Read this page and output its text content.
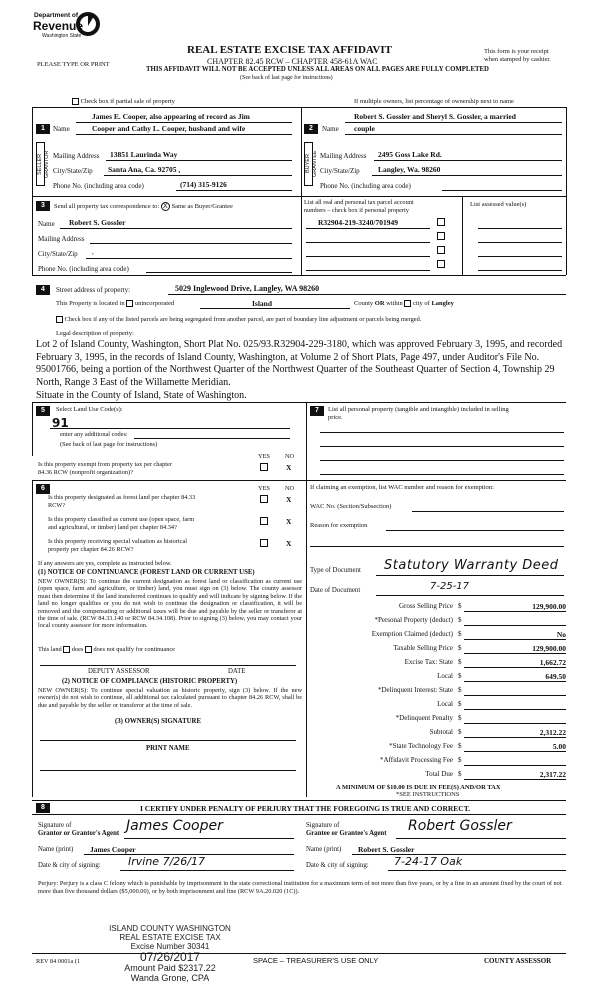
Department of
Revenue
Washington State
REAL ESTATE EXCISE TAX AFFIDAVIT
CHAPTER 82.45 RCW – CHAPTER 458-61A WAC
PLEASE TYPE OR PRINT
THIS AFFIDAVIT WILL NOT BE ACCEPTED UNLESS ALL AREAS ON ALL PAGES ARE FULLY COMPLETED
(See back of last page for instructions)
This form is your receipt
when stamped by cashier.
Check box if partial sale of property	If multiple owners, list percentage of ownership next to name
1
SELLER GRANTOR
Name
James E. Cooper, also appearing of record as Jim
Cooper and Cathy L. Cooper, husband and wife
Mailing Address 13851 Laurinda Way
City/State/Zip Santa Ana, Ca. 92705 ,
Phone No. (including area code)	(714) 315-9126
2
BUYER GRANTEE
Name
Robert S. Gossler and Sheryl S. Gossler, a married
couple
Mailing Address 2495 Goss Lake Rd.
City/State/Zip Langley, Wa. 98260
Phone No. (including area code)
3	Send all property tax correspondence to: X Same as Buyer/Grantee
Name Robert S. Gossler
Mailing Address
City/State/Zip ,
Phone No. (including area code)
List all real and personal tax parcel account
numbers – check box if personal property
List assessed value(s)
R32904-219-3240/701949
4	Street address of property:	5029 Inglewood Drive, Langley, WA 98260
This Property is located in unincorporated	Island	County OR within city of Langley
Check box if any of the listed parcels are being segregated from another parcel, are part of boundary line adjustment or parcels being merged.
Legal description of property:
Lot 2 of Island County, Washington, Short Plat No. 025/93.R32904-229-3180, which was approved February 3, 1995, and recorded February 3, 1995, in the records of Island County, Washington, at Volume 2 of Short Plats, Page 497, under Auditor's File No. 95001766, being a portion of the Northwest Quarter of the Northwest Quarter of the Southeast Quarter of Section 4, Township 29 North, Range 3 East of the Willamette Meridian.
Situate in the County of Island, State of Washington.
5	Select Land Use Code(s):
91
enter any additional codes:
(See back of last page for instructions)
YES NO
Is this property exempt from property tax per chapter
84.36 RCW (nonprofit organization)?
X
7	List all personal property (tangible and intangible) included in selling
price.
6	YES NO
Is this property designated as forest land per chapter 84.33
RCW?
X
Is this property classified as current use (open space, farm
and agricultural, or timber) land per chapter 84.34?
X
Is this property receiving special valuation as historical
property per chapter 84.26 RCW?
X
If any answers are yes, complete as instructed below.
(1) NOTICE OF CONTINUANCE (FOREST LAND OR CURRENT USE)
NEW OWNER(S): To continue the current designation as forest land or classification as current use (open space, farm and agriculture, or timber) land, you must sign on (3) below. The county assessor must then determine if the land transferred continues to qualify and will indicate by signing below. If the land no longer qualifies or you do not wish to continue the designation or classification, it will be removed and the compensating or additional taxes will be due and payable by the seller or transferor at the time of sale. (RCW 84.33.140 or RCW 84.34.108). Prior to signing (3) below, you may contact your local county assessor for more information.
This land does does not qualify for continuance
DEPUTY ASSESSOR	DATE
(2) NOTICE OF COMPLIANCE (HISTORIC PROPERTY)
NEW OWNER(S): To continue special valuation as historic property, sign (3) below. If the new owner(s) do not wish to continue, all additional tax calculated pursuant to chapter 84.26 RCW, shall be due and payable by the seller or transferor at the time of sale.
(3) OWNER(S) SIGNATURE
PRINT NAME
If claiming an exemption, list WAC number and reason for exemption:
WAC No. (Section/Subsection)
Reason for exemption
Type of Document Statutory Warranty Deed
Date of Document	7-25-17
Gross Selling Price $	129,900.00
*Personal Property (deduct) $
Exemption Claimed (deduct) $	No
Taxable Selling Price $	129,900.00
Excise Tax: State $	1,662.72
Local $	649.50
*Delinquent Interest: State $
Local $
*Delinquent Penalty $
Subtotal $	2,312.22
*State Technology Fee $	5.00
*Affidavit Processing Fee $
Total Due $	2,317.22
A MINIMUM OF $10.00 IS DUE IN FEE(S) AND/OR TAX
*SEE INSTRUCTIONS
8	I CERTIFY UNDER PENALTY OF PERJURY THAT THE FOREGOING IS TRUE AND CORRECT.
Signature of
Grantor or Grantor's Agent James Cooper
Name (print) James Cooper
Date & city of signing: Irvine 7/26/17
Signature of
Grantee or Grantee's Agent Robert Gossler
Name (print) Robert S. Gossler
Date & city of signing: 7-24-17 Oak
Perjury: Perjury is a class C felony which is punishable by imprisonment in the state correctional institution for a maximum term of not more than five years, or by a fine in an amount fixed by the court of not more than five thousand dollars ($5,000.00), or by both imprisonment and fine (RCW 9A.20.020 (1C)).
ISLAND COUNTY WASHINGTON
REAL ESTATE EXCISE TAX
Excise Number 30341
07/26/2017
Amount Paid $2317.22
Wanda Grone, CPA
REV 84 0001a (1	SPACE – TREASURER'S USE ONLY	COUNTY ASSESSOR
